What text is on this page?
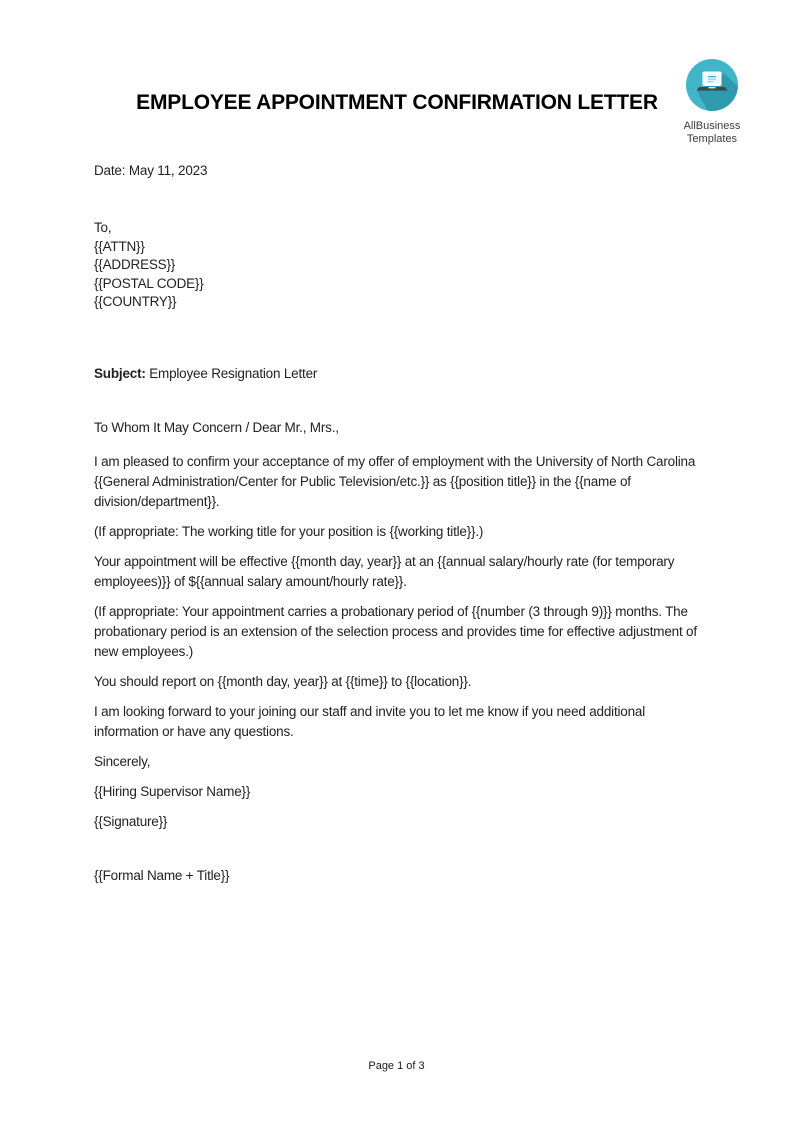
AllBusiness
Templates
EMPLOYEE APPOINTMENT CONFIRMATION LETTER
Date: May 11, 2023
To,
{{ATTN}}
{{ADDRESS}}
{{POSTAL CODE}}
{{COUNTRY}}
Subject: Employee Resignation Letter

To Whom It May Concern / Dear Mr., Mrs.,

I am pleased to confirm your acceptance of my offer of employment with the University of North Carolina {{General Administration/Center for Public Television/etc.}} as {{position title}} in the {{name of division/department}}.

(If appropriate: The working title for your position is {{working title}}.)

Your appointment will be effective {{month day, year}} at an {{annual salary/hourly rate (for temporary employees)}} of ${{annual salary amount/hourly rate}}.

(If appropriate: Your appointment carries a probationary period of {{number (3 through 9)}} months. The probationary period is an extension of the selection process and provides time for effective adjustment of new employees.)

You should report on {{month day, year}} at {{time}} to {{location}}.

I am looking forward to your joining our staff and invite you to let me know if you need additional information or have any questions.

Sincerely,

{{Hiring Supervisor Name}}

{{Signature}}

{{Formal Name + Title}}

Page 1 of 3
